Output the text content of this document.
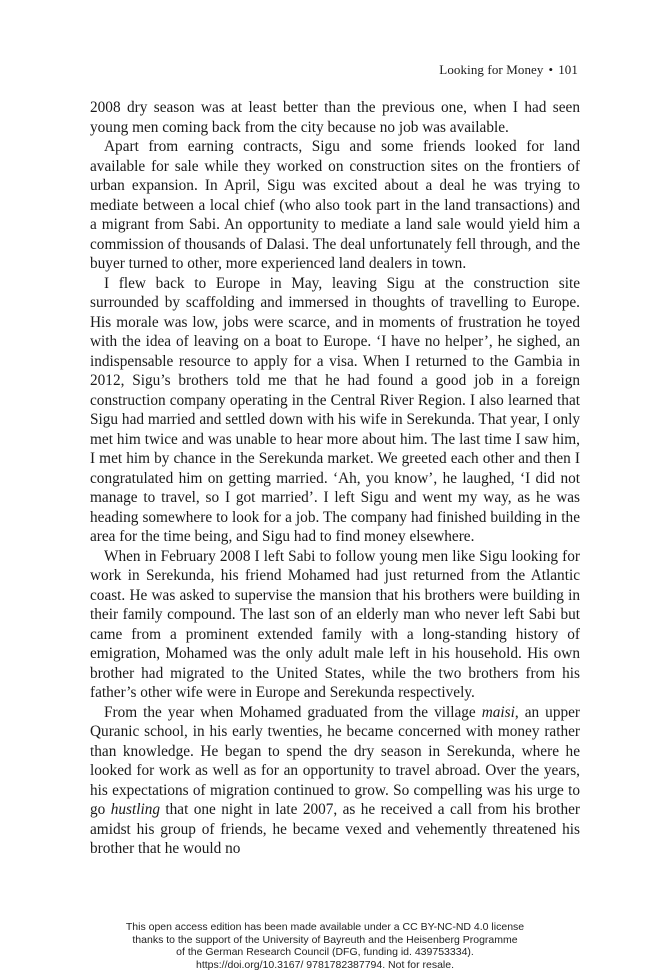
Looking for Money • 101

2008 dry season was at least better than the previous one, when I had seen young men coming back from the city because no job was available.

Apart from earning contracts, Sigu and some friends looked for land available for sale while they worked on construction sites on the frontiers of urban expansion. In April, Sigu was excited about a deal he was trying to mediate between a local chief (who also took part in the land transactions) and a migrant from Sabi. An opportunity to mediate a land sale would yield him a commission of thousands of Dalasi. The deal unfortunately fell through, and the buyer turned to other, more experienced land dealers in town.

I flew back to Europe in May, leaving Sigu at the construction site surrounded by scaffolding and immersed in thoughts of travelling to Europe. His morale was low, jobs were scarce, and in moments of frustration he toyed with the idea of leaving on a boat to Europe. ‘I have no helper’, he sighed, an indispensable resource to apply for a visa. When I returned to the Gambia in 2012, Sigu’s brothers told me that he had found a good job in a foreign construction company operating in the Central River Region. I also learned that Sigu had married and settled down with his wife in Serekunda. That year, I only met him twice and was unable to hear more about him. The last time I saw him, I met him by chance in the Serekunda market. We greeted each other and then I congratulated him on getting married. ‘Ah, you know’, he laughed, ‘I did not manage to travel, so I got married’. I left Sigu and went my way, as he was heading somewhere to look for a job. The company had finished building in the area for the time being, and Sigu had to find money elsewhere.

When in February 2008 I left Sabi to follow young men like Sigu looking for work in Serekunda, his friend Mohamed had just returned from the Atlantic coast. He was asked to supervise the mansion that his brothers were building in their family compound. The last son of an elderly man who never left Sabi but came from a prominent extended family with a long-standing history of emigration, Mohamed was the only adult male left in his household. His own brother had migrated to the United States, while the two brothers from his father’s other wife were in Europe and Serekunda respectively.

From the year when Mohamed graduated from the village maisi, an upper Quranic school, in his early twenties, he became concerned with money rather than knowledge. He began to spend the dry season in Serekunda, where he looked for work as well as for an opportunity to travel abroad. Over the years, his expectations of migration continued to grow. So compelling was his urge to go hustling that one night in late 2007, as he received a call from his brother amidst his group of friends, he became vexed and vehemently threatened his brother that he would no

This open access edition has been made available under a CC BY-NC-ND 4.0 license
thanks to the support of the University of Bayreuth and the Heisenberg Programme
of the German Research Council (DFG, funding id. 439753334).
https://doi.org/10.3167/ 9781782387794. Not for resale.
